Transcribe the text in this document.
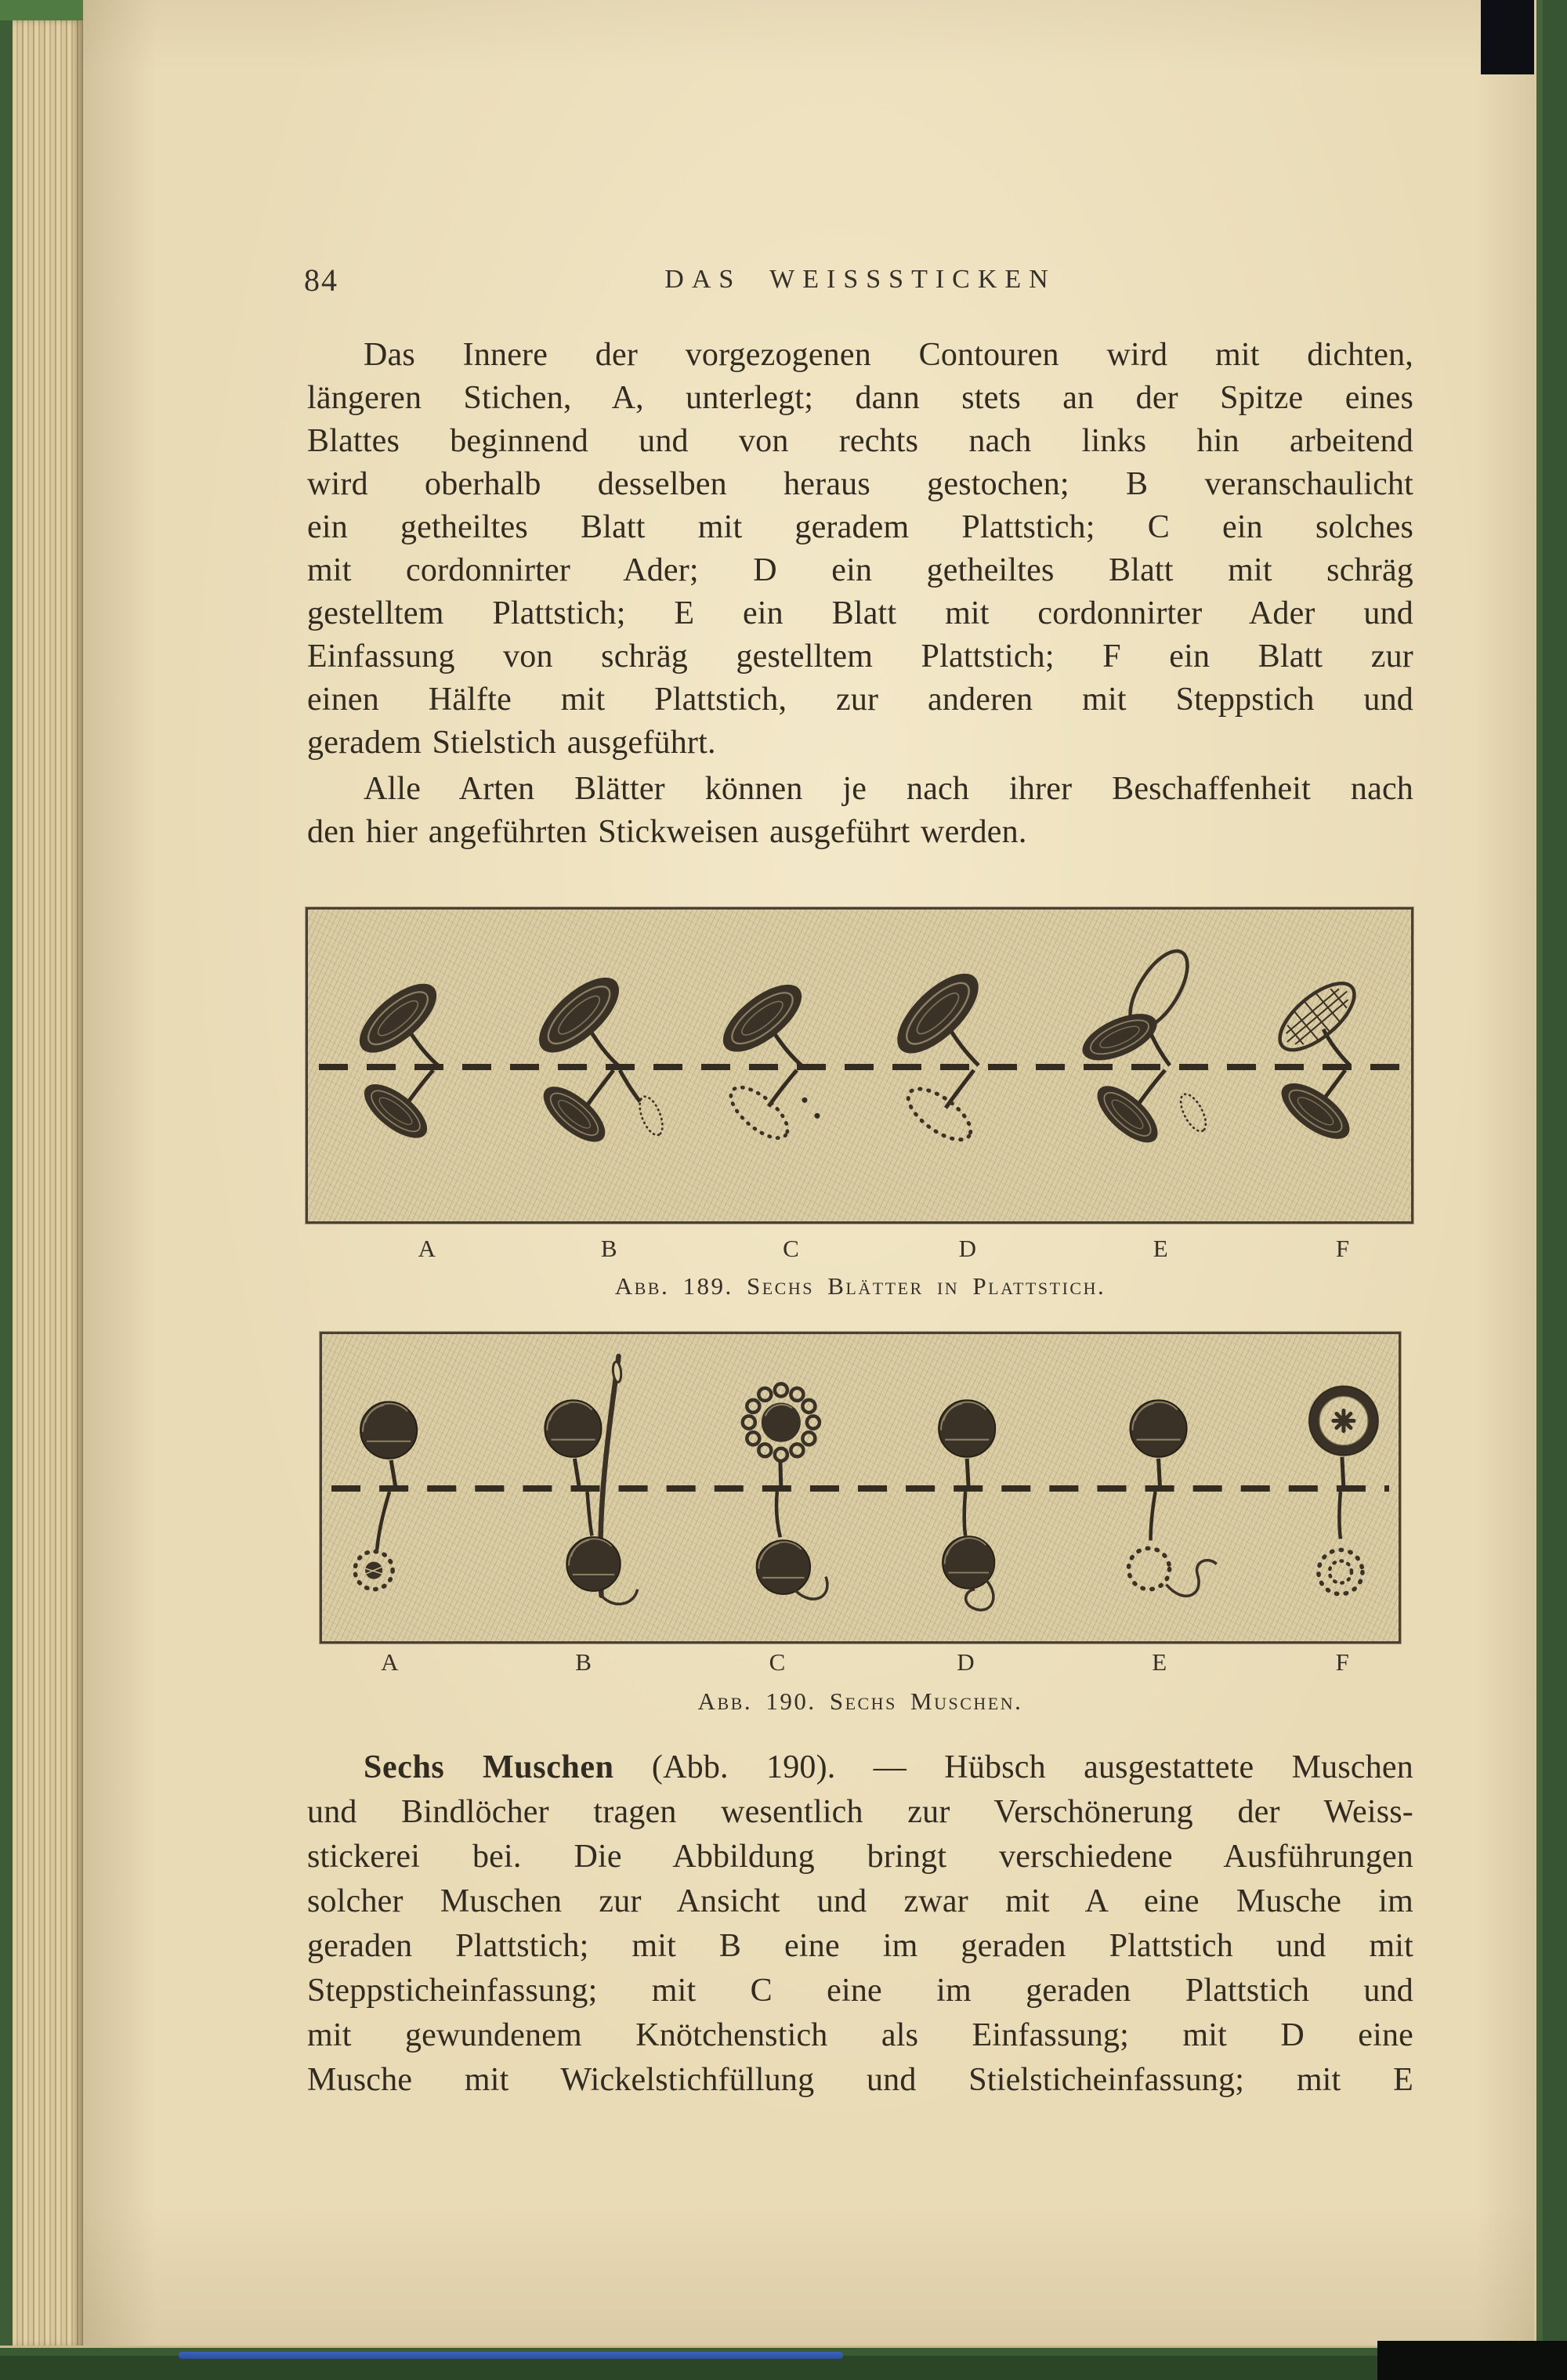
84	DAS WEISSSTICKEN
Das Innere der vorgezogenen Contouren wird mit dichten,
längeren Stichen, A, unterlegt; dann stets an der Spitze eines
Blattes beginnend und von rechts nach links hin arbeitend
wird oberhalb desselben heraus gestochen; B veranschaulicht
ein getheiltes Blatt mit geradem Plattstich; C ein solches
mit cordonnirter Ader; D ein getheiltes Blatt mit schräg
gestelltem Plattstich; E ein Blatt mit cordonnirter Ader und
Einfassung von schräg gestelltem Plattstich; F ein Blatt zur
einen Hälfte mit Plattstich, zur anderen mit Steppstich und
geradem Stielstich ausgeführt.
Alle Arten Blätter können je nach ihrer Beschaffenheit nach
den hier angeführten Stickweisen ausgeführt werden.
A	B	C	D	E	F
Abb. 189. Sechs Blätter in Plattstich.
A	B	C	D	E	F
Abb. 190. Sechs Muschen.
Sechs Muschen (Abb. 190). — Hübsch ausgestattete Muschen
und Bindlöcher tragen wesentlich zur Verschönerung der Weiss-
stickerei bei. Die Abbildung bringt verschiedene Ausführungen
solcher Muschen zur Ansicht und zwar mit A eine Musche im
geraden Plattstich; mit B eine im geraden Plattstich und mit
Steppsticheinfassung; mit C eine im geraden Plattstich und
mit gewundenem Knötchenstich als Einfassung; mit D eine
Musche mit Wickelstichfüllung und Stielsticheinfassung; mit E
